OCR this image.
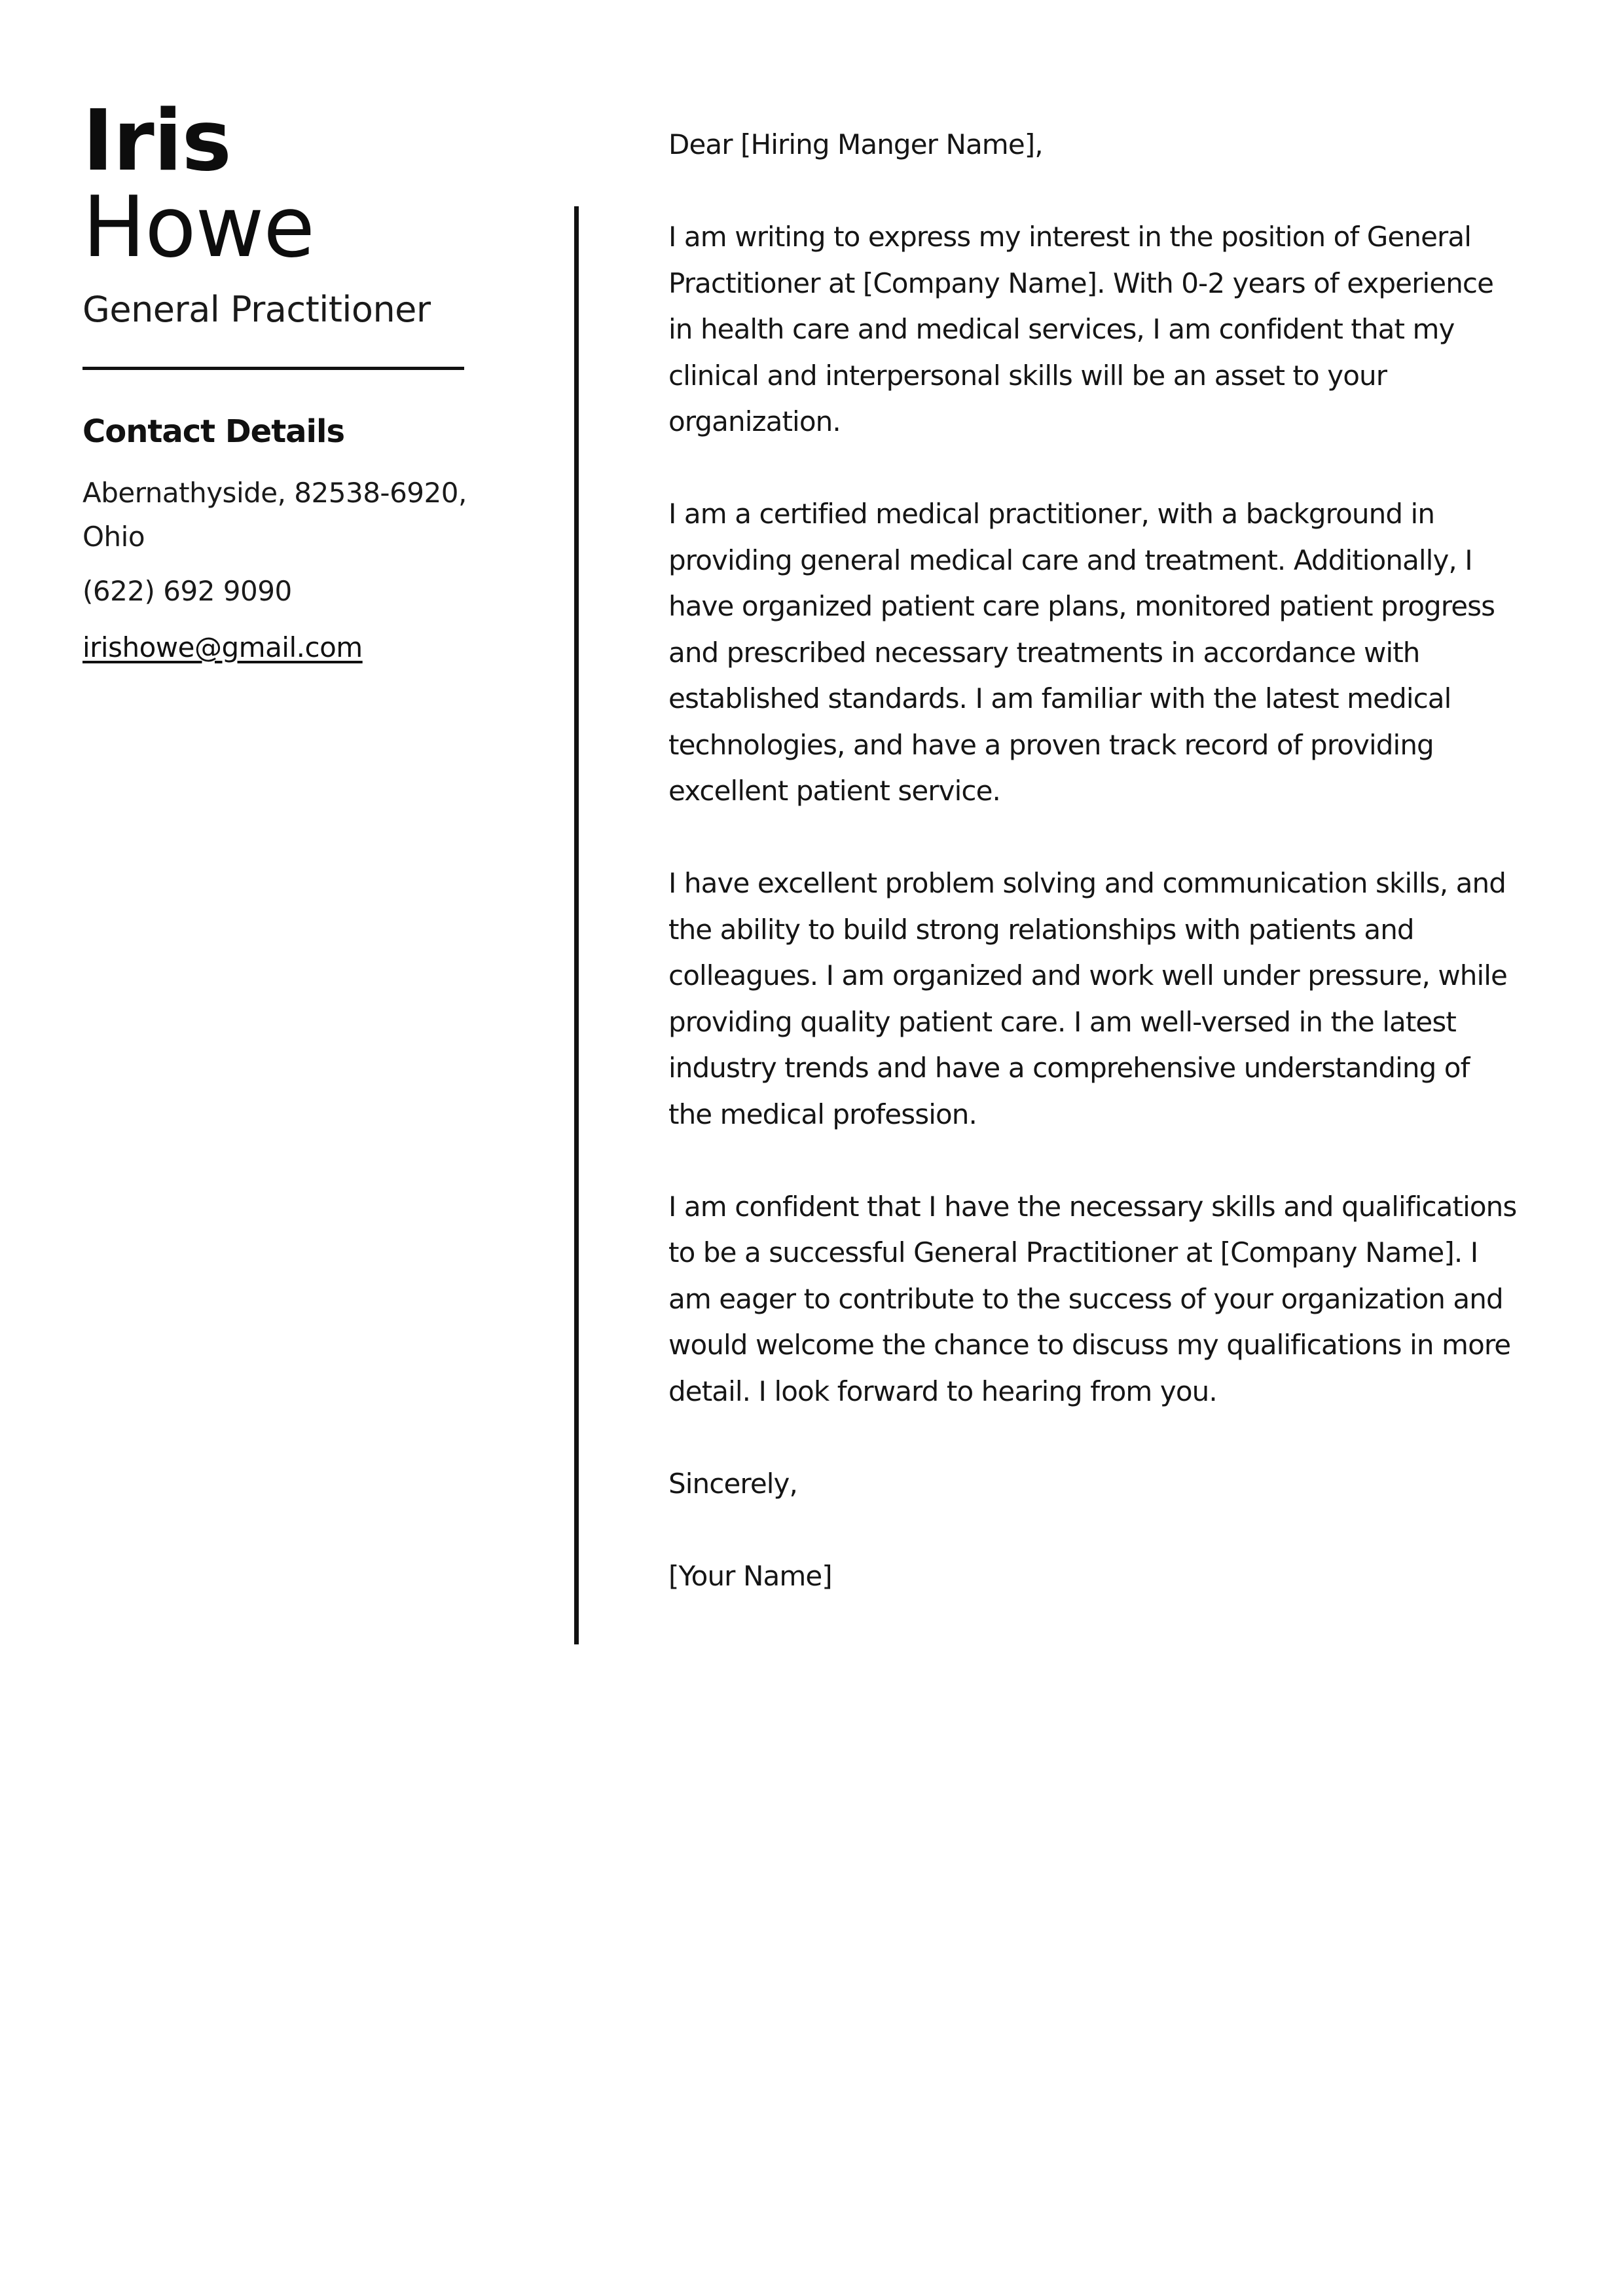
Iris
Howe
General Practitioner
Contact Details
Abernathyside, 82538-6920, Ohio
(622) 692 9090
irishowe@gmail.com

Dear [Hiring Manger Name],

I am writing to express my interest in the position of General Practitioner at [Company Name]. With 0-2 years of experience in health care and medical services, I am confident that my clinical and interpersonal skills will be an asset to your organization.

I am a certified medical practitioner, with a background in providing general medical care and treatment. Additionally, I have organized patient care plans, monitored patient progress and prescribed necessary treatments in accordance with established standards. I am familiar with the latest medical technologies, and have a proven track record of providing excellent patient service.

I have excellent problem solving and communication skills, and the ability to build strong relationships with patients and colleagues. I am organized and work well under pressure, while providing quality patient care. I am well-versed in the latest industry trends and have a comprehensive understanding of the medical profession.

I am confident that I have the necessary skills and qualifications to be a successful General Practitioner at [Company Name]. I am eager to contribute to the success of your organization and would welcome the chance to discuss my qualifications in more detail. I look forward to hearing from you.

Sincerely,

[Your Name]
